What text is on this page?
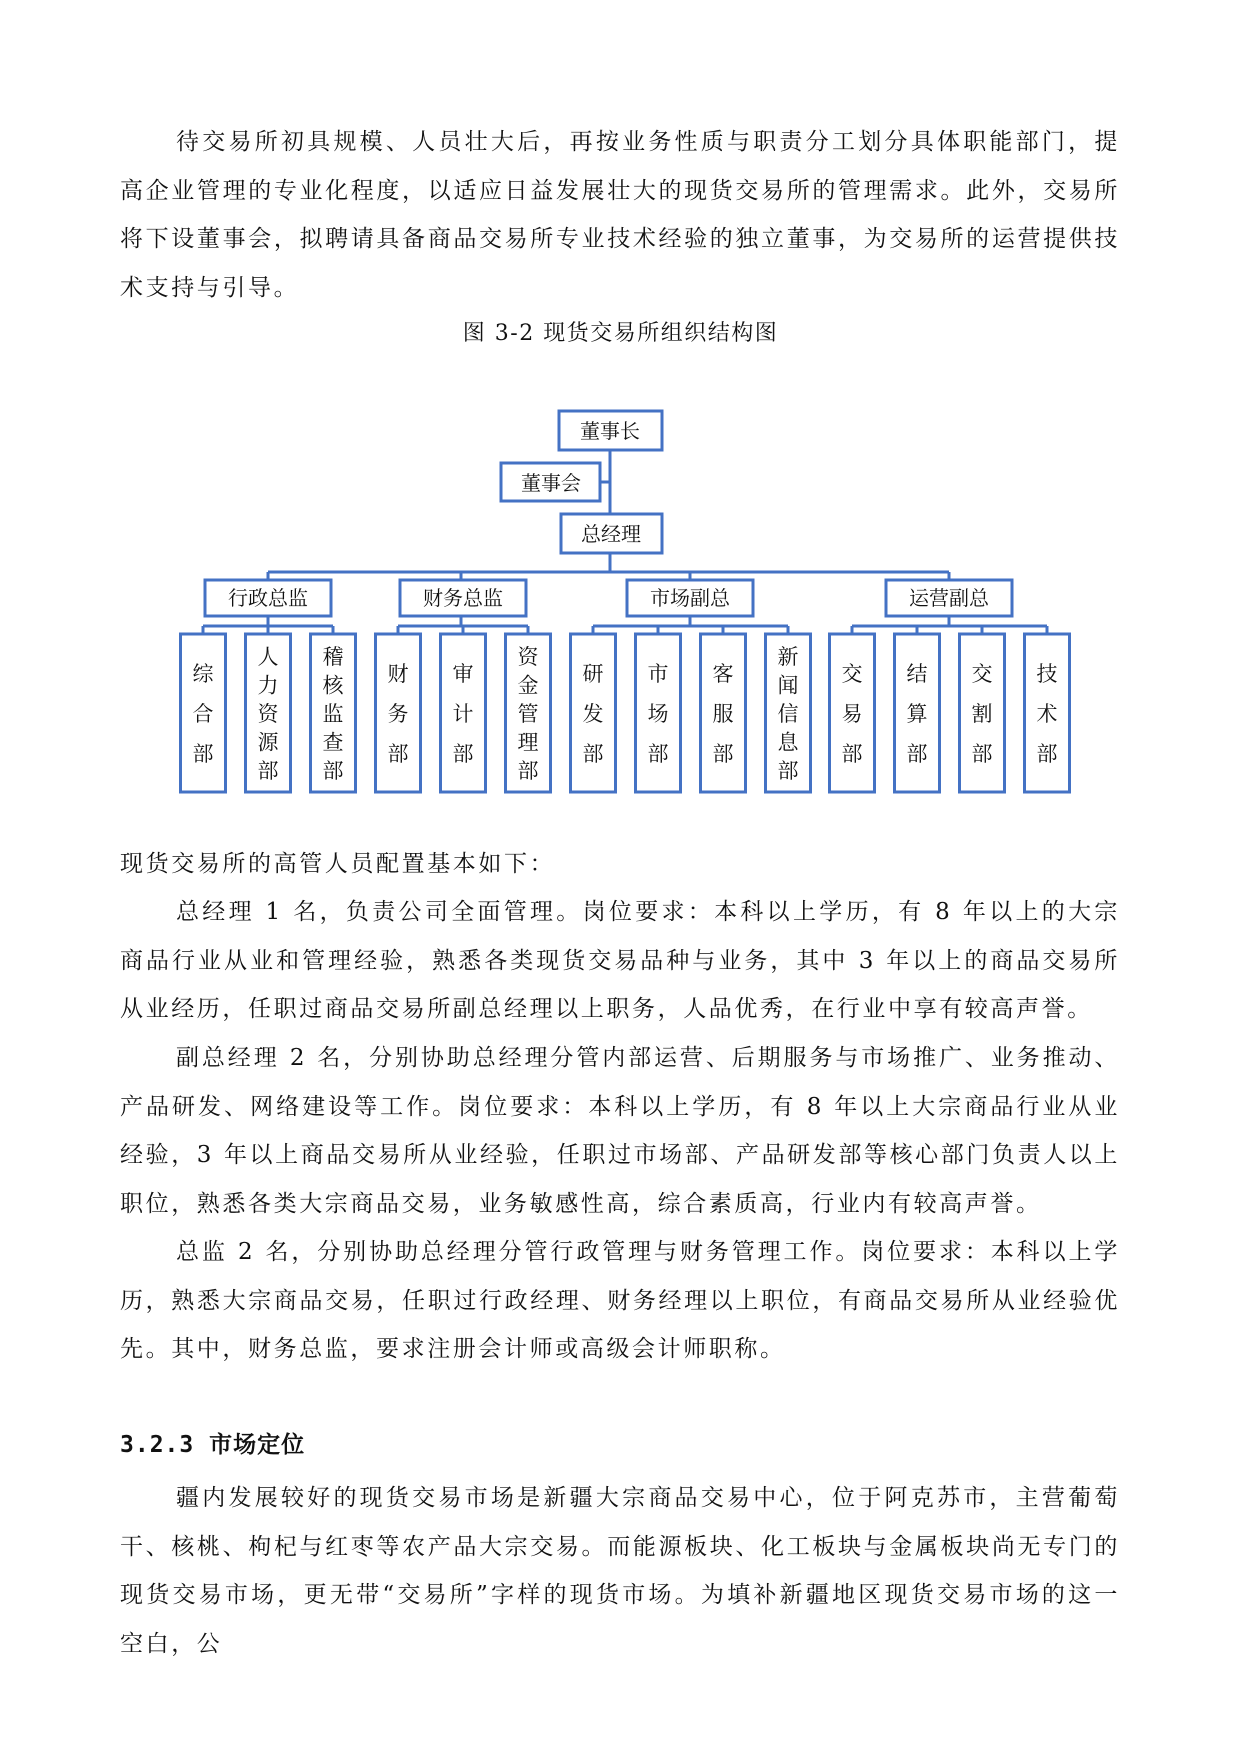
待交易所初具规模、人员壮大后，再按业务性质与职责分工划分具体职能部门，提高企业管理的专业化程度，以适应日益发展壮大的现货交易所的管理需求。此外，交易所将下设董事会，拟聘请具备商品交易所专业技术经验的独立董事，为交易所的运营提供技术支持与引导。

图 3-2 现货交易所组织结构图

董事长
董事会
总经理
行政总监	财务总监	市场副总	运营副总
综
合
部
人
力
资
源
部
稽
核
监
查
部
财
务
部
审
计
部
资
金
管
理
部
研
发
部
市
场
部
客
服
部
新
闻
信
息
部
交
易
部
结
算
部
交
割
部
技
术
部

现货交易所的高管人员配置基本如下：

总经理 1 名，负责公司全面管理。岗位要求：本科以上学历，有 8 年以上的大宗商品行业从业和管理经验，熟悉各类现货交易品种与业务，其中 3 年以上的商品交易所从业经历，任职过商品交易所副总经理以上职务，人品优秀，在行业中享有较高声誉。

副总经理 2 名，分别协助总经理分管内部运营、后期服务与市场推广、业务推动、产品研发、网络建设等工作。岗位要求：本科以上学历，有 8 年以上大宗商品行业从业经验，3 年以上商品交易所从业经验，任职过市场部、产品研发部等核心部门负责人以上职位，熟悉各类大宗商品交易，业务敏感性高，综合素质高，行业内有较高声誉。

总监 2 名，分别协助总经理分管行政管理与财务管理工作。岗位要求：本科以上学历，熟悉大宗商品交易，任职过行政经理、财务经理以上职位，有商品交易所从业经验优先。其中，财务总监，要求注册会计师或高级会计师职称。

3.2.3 市场定位

疆内发展较好的现货交易市场是新疆大宗商品交易中心，位于阿克苏市，主营葡萄干、核桃、枸杞与红枣等农产品大宗交易。而能源板块、化工板块与金属板块尚无专门的现货交易市场，更无带“交易所”字样的现货市场。为填补新疆地区现货交易市场的这一空白，公
